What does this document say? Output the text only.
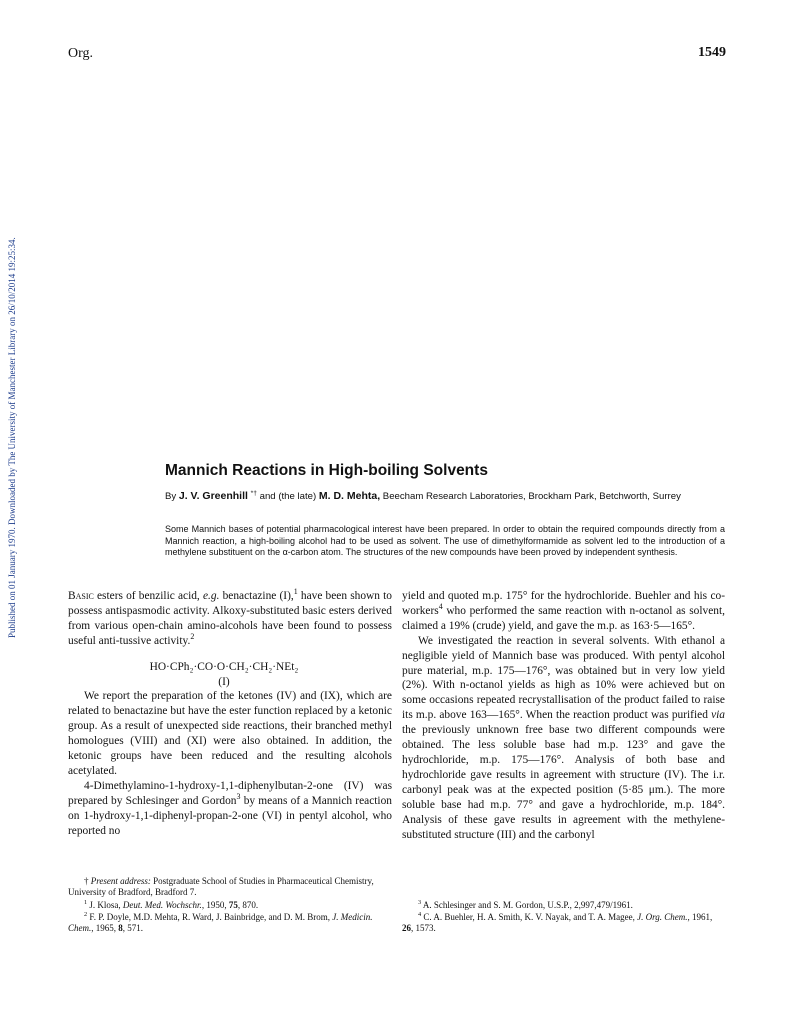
Org.	1549
Published on 01 January 1970. Downloaded by The University of Manchester Library on 26/10/2014 19:25:34.	Mannich Reactions in High-boiling Solvents
By J. V. Greenhill *† and (the late) M. D. Mehta, Beecham Research Laboratories, Brockham Park, Betchworth, Surrey
Some Mannich bases of potential pharmacological interest have been prepared. In order to obtain the required compounds directly from a Mannich reaction, a high-boiling alcohol had to be used as solvent. The use of dimethylformamide as solvent led to the introduction of a methylene substituent on the α-carbon atom. The structures of the new compounds have been proved by independent synthesis.

Basic esters of benzilic acid, e.g. benactazine (I),$^1$ have been shown to possess antispasmodic activity. Alkoxy-substituted basic esters derived from various open-chain amino-alcohols have been found to possess useful anti-tussive activity.$^2$

HO·CPh₂·CO·O·CH₂·CH₂·NEt₂

(I)

We report the preparation of the ketones (IV) and (IX), which are related to benactazine but have the ester function replaced by a ketonic group. As a result of unexpected side reactions, their branched methyl homologues (VIII) and (XI) were also obtained. In addition, the ketonic groups have been reduced and the resulting alcohols acetylated.

4-Dimethylamino-1-hydroxy-1,1-diphenylbutan-2-one (IV) was prepared by Schlesinger and Gordon$^3$ by means of a Mannich reaction on 1-hydroxy-1,1-diphenyl-propan-2-one (VI) in pentyl alcohol, who reported no

yield and quoted m.p. 175° for the hydrochloride. Buehler and his co-workers$^4$ who performed the same reaction with n-octanol as solvent, claimed a 19% (crude) yield, and gave the m.p. as 163·5—165°.

We investigated the reaction in several solvents. With ethanol a negligible yield of Mannich base was produced. With pentyl alcohol pure material, m.p. 175—176°, was obtained but in very low yield (2%). With n-octanol yields as high as 10% were achieved but on some occasions repeated recrystallisation of the product failed to raise its m.p. above 163—165°. When the reaction product was purified via the previously unknown free base two different compounds were obtained. The less soluble base had m.p. 123° and gave the hydrochloride, m.p. 175—176°. Analysis of both base and hydrochloride gave results in agreement with structure (IV). The i.r. carbonyl peak was at the expected position (5·85 μm.). The more soluble base had m.p. 77° and gave a hydrochloride, m.p. 184°. Analysis of these gave results in agreement with the methylene-substituted structure (III) and the carbonyl

† Present address: Postgraduate School of Studies in Pharmaceutical Chemistry, University of Bradford, Bradford 7.
$^1$ J. Klosa, Deut. Med. Wochschr., 1950, 75, 870.
$^2$ F. P. Doyle, M.D. Mehta, R. Ward, J. Bainbridge, and D. M. Brom, J. Medicin. Chem., 1965, 8, 571.
$^3$ A. Schlesinger and S. M. Gordon, U.S.P., 2,997,479/1961.
$^4$ C. A. Buehler, H. A. Smith, K. V. Nayak, and T. A. Magee, J. Org. Chem., 1961, 26, 1573.
